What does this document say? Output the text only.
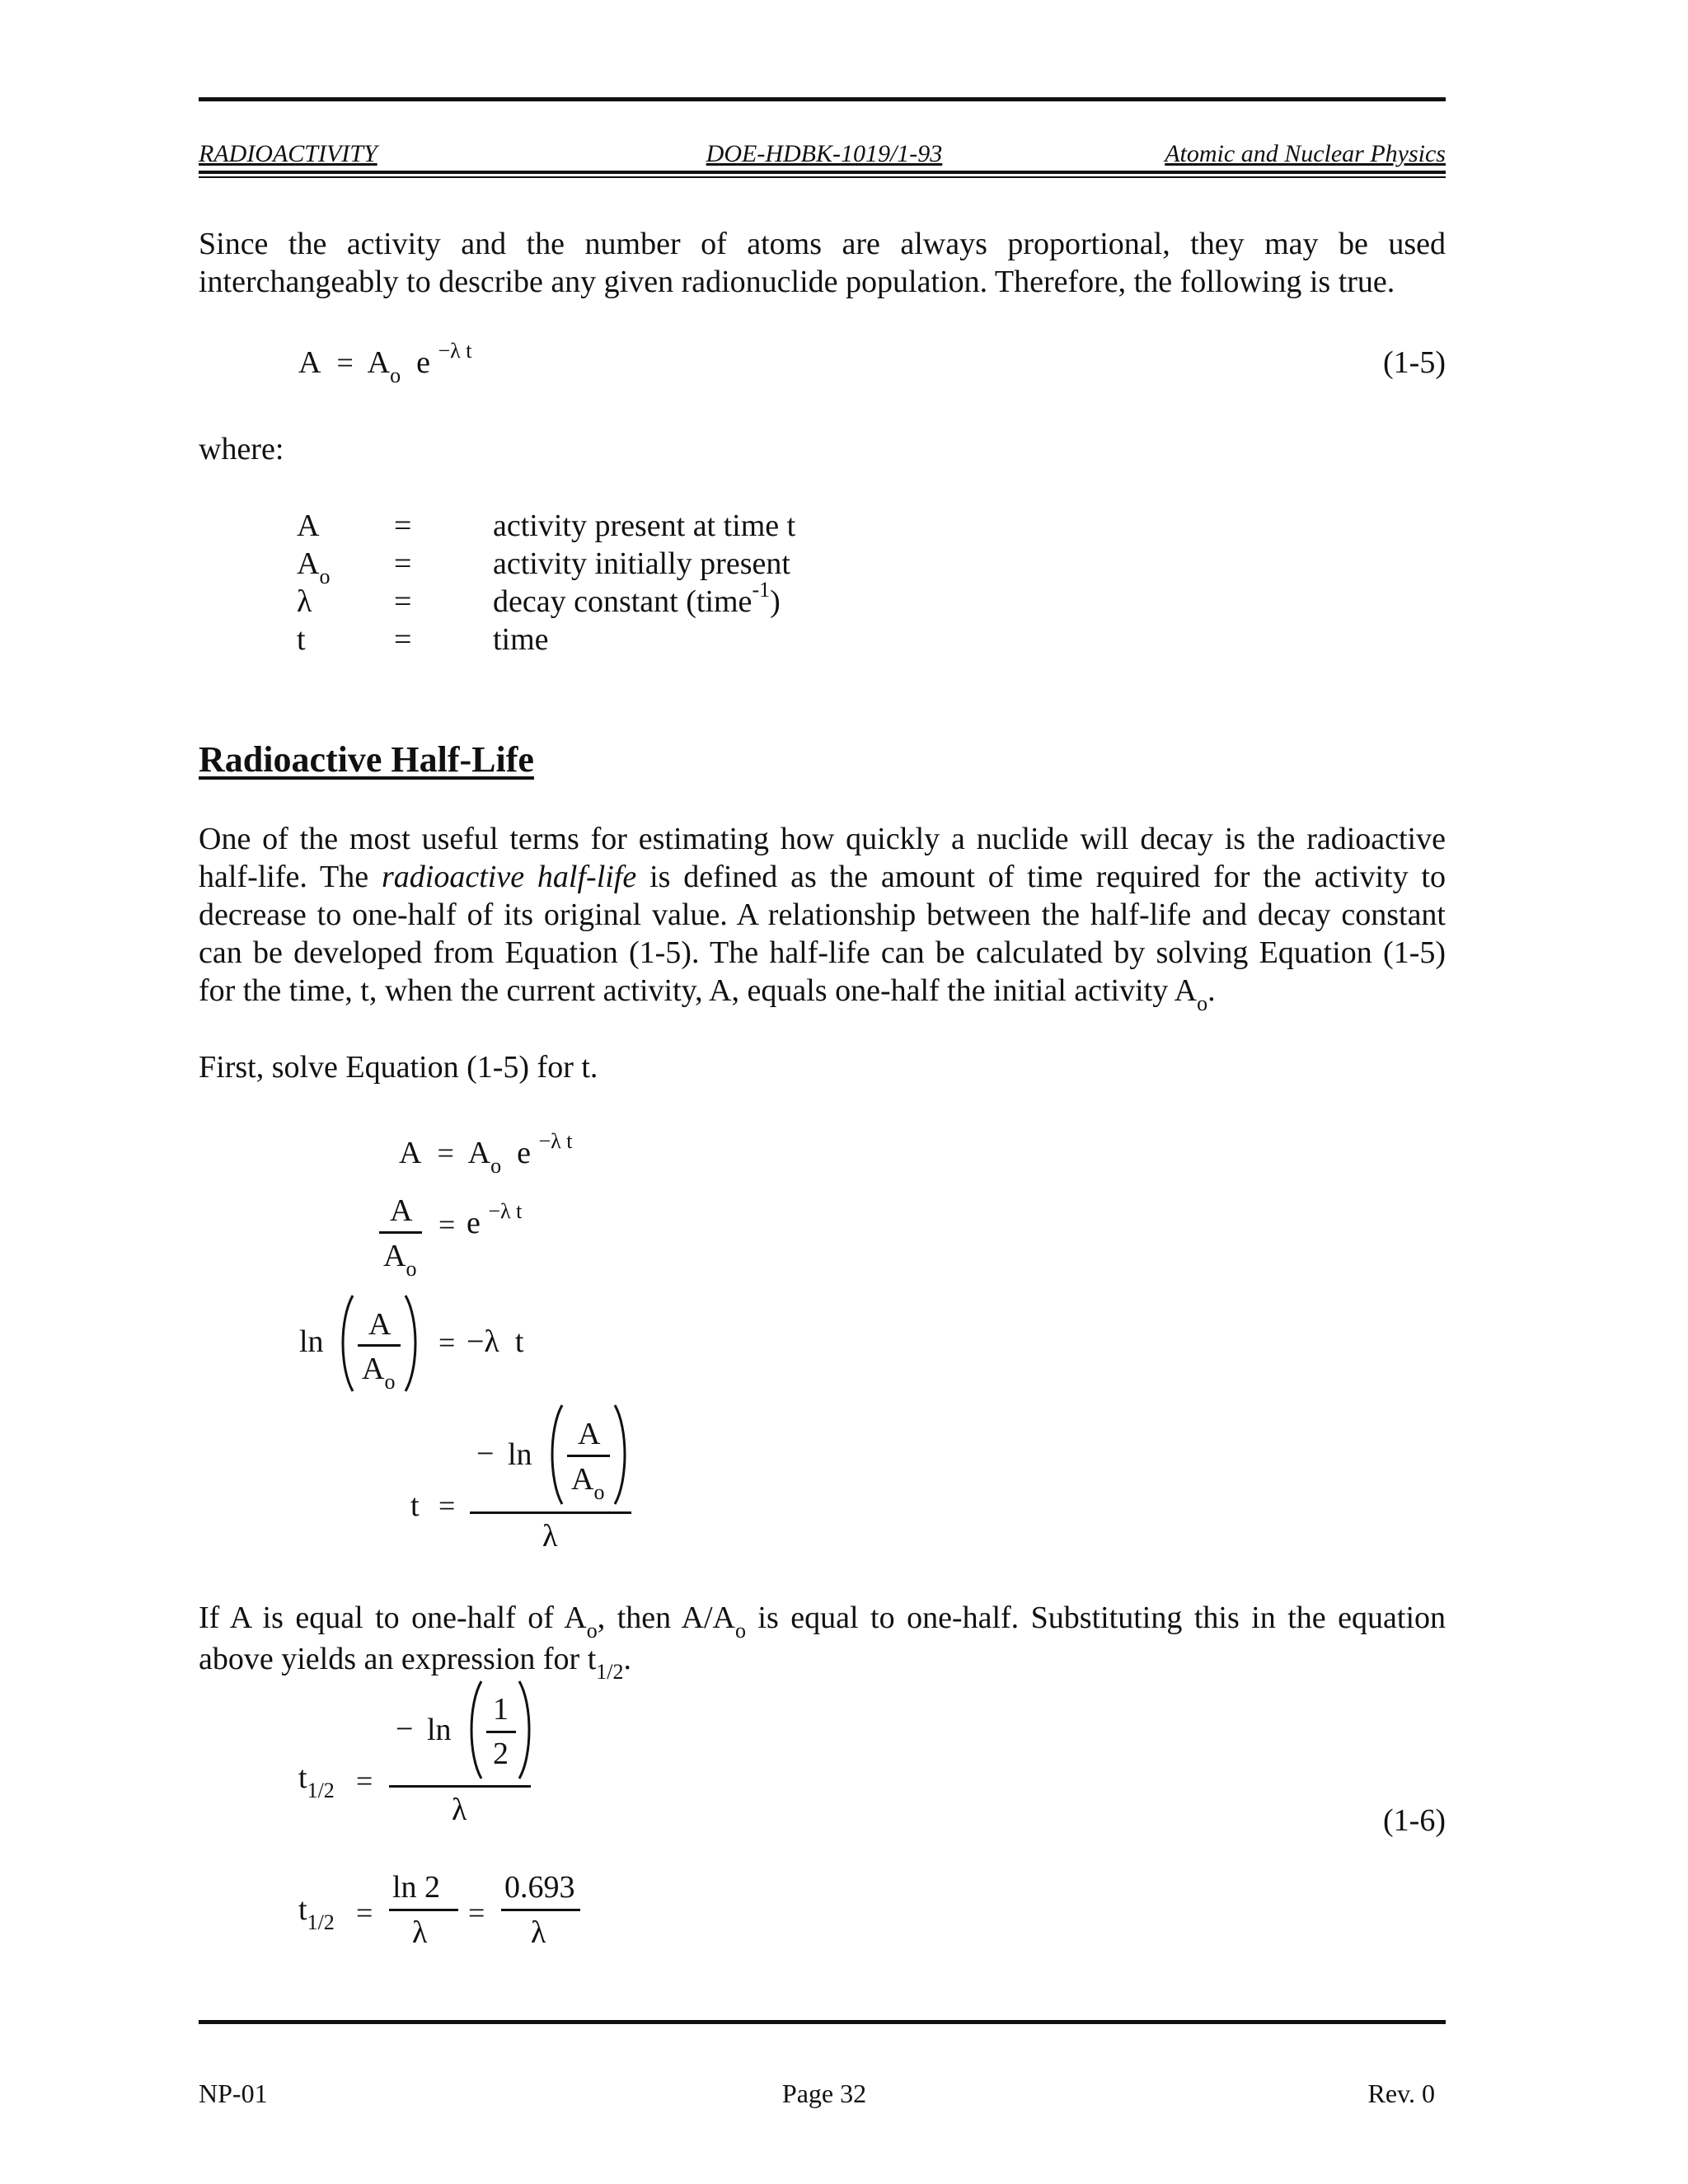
RADIOACTIVITY	DOE-HDBK-1019/1-93	Atomic and Nuclear Physics
Since the activity and the number of atoms are always proportional, they may be used interchangeably to describe any given radionuclide population. Therefore, the following is true.
$A = A_o$ e $^{-\lambda t}$	(1-5)
where:
A =	activity present at time t
$A_o$ =	activity initially present
λ	=	decay constant (time$^{-1}$)
t	=	time
Radioactive Half-Life
One of the most useful terms for estimating how quickly a nuclide will decay is the radioactive half-life. The radioactive half-life is defined as the amount of time required for the activity to decrease to one-half of its original value. A relationship between the half-life and decay constant can be developed from Equation (1-5). The half-life can be calculated by solving Equation (1-5) for the time, t, when the current activity, A, equals one-half the initial activity $A_o$.
First, solve Equation (1-5) for t.
$A = A_o$ e $^{-\lambda t}$
A
$A_o$
= e $^{-\lambda t}$
ln A
$A_o$
= −λ  t
t =
− ln
A
$A_o$
λ
If A is equal to one-half of $A_o$, then $A/A_o$ is equal to one-half. Substituting this in the equation above yields an expression for $t_{1/2}$.
$t_{1/2}$ =
− ln
1
2
λ	(1-6)
$t_{1/2}$ =
ln 2
λ
=
0.693
λ
NP-01	Page 32	Rev. 0
